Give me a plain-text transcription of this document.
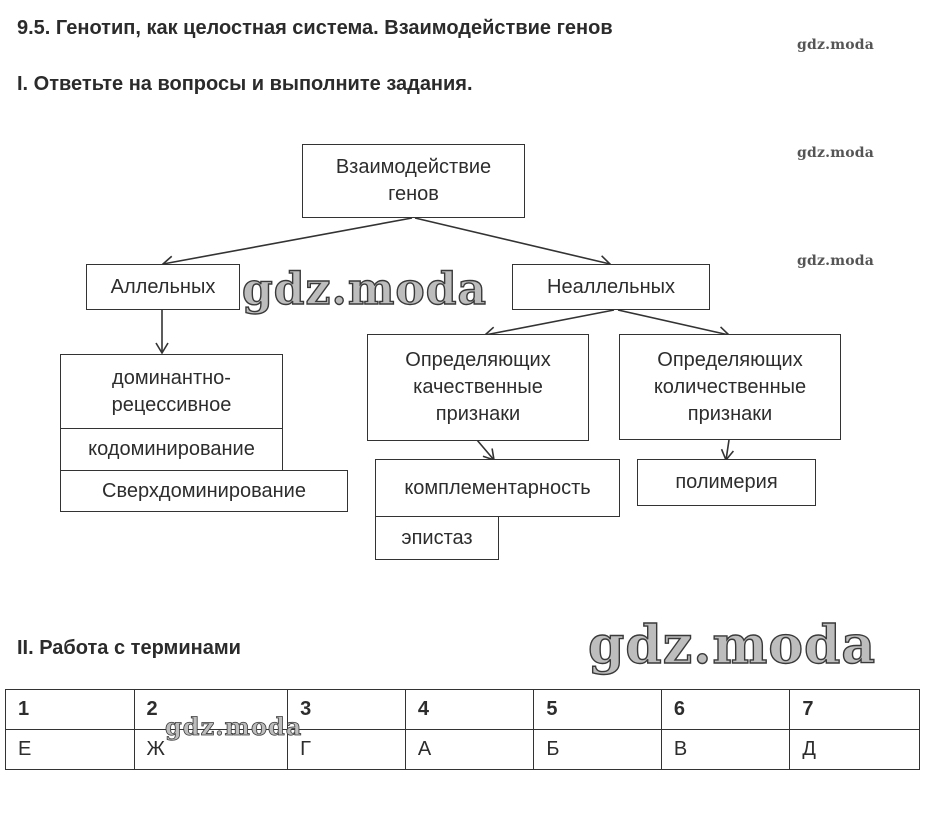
9.5. Генотип, как целостная система. Взаимодействие генов
I. Ответьте на вопросы и выполните задания.
II. Работа с терминами
gdz.moda
gdz.moda
gdz.moda
Взаимодействие
генов
Аллельных	Неаллельных
доминантно-
рецессивное
кодоминирование
Сверхдоминирование
Определяющих
качественные
признаки
Определяющих
количественные
признаки
комплементарность
эпистаз
полимерия
gdz.moda
gdz.moda
1	2	3	4	5	6	7
Е	Ж	Г	А	Б	В	Д
gdz.moda
